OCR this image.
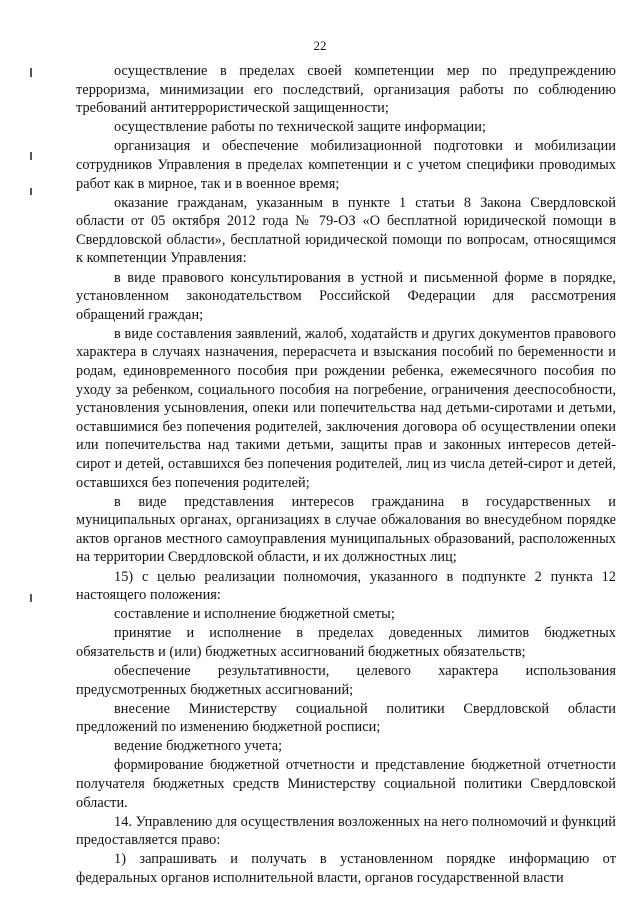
22

осуществление в пределах своей компетенции мер по предупреждению терроризма, минимизации его последствий, организация работы по соблюдению требований антитеррористической защищенности;

осуществление работы по технической защите информации;

организация и обеспечение мобилизационной подготовки и мобилизации сотрудников Управления в пределах компетенции и с учетом специфики проводимых работ как в мирное, так и в военное время;

оказание гражданам, указанным в пункте 1 статьи 8 Закона Свердловской области от 05 октября 2012 года № 79-ОЗ «О бесплатной юридической помощи в Свердловской области», бесплатной юридической помощи по вопросам, относящимся к компетенции Управления:

в виде правового консультирования в устной и письменной форме в порядке, установленном законодательством Российской Федерации для рассмотрения обращений граждан;

в виде составления заявлений, жалоб, ходатайств и других документов правового характера в случаях назначения, перерасчета и взыскания пособий по беременности и родам, единовременного пособия при рождении ребенка, ежемесячного пособия по уходу за ребенком, социального пособия на погребение, ограничения дееспособности, установления усыновления, опеки или попечительства над детьми-сиротами и детьми, оставшимися без попечения родителей, заключения договора об осуществлении опеки или попечительства над такими детьми, защиты прав и законных интересов детей-сирот и детей, оставшихся без попечения родителей, лиц из числа детей-сирот и детей, оставшихся без попечения родителей;

в виде представления интересов гражданина в государственных и муниципальных органах, организациях в случае обжалования во внесудебном порядке актов органов местного самоуправления муниципальных образований, расположенных на территории Свердловской области, и их должностных лиц;

15) с целью реализации полномочия, указанного в подпункте 2 пункта 12 настоящего положения:

составление и исполнение бюджетной сметы;

принятие и исполнение в пределах доведенных лимитов бюджетных обязательств и (или) бюджетных ассигнований бюджетных обязательств;

обеспечение результативности, целевого характера использования предусмотренных бюджетных ассигнований;

внесение Министерству социальной политики Свердловской области предложений по изменению бюджетной росписи;

ведение бюджетного учета;

формирование бюджетной отчетности и представление бюджетной отчетности получателя бюджетных средств Министерству социальной политики Свердловской области.

14. Управлению для осуществления возложенных на него полномочий и функций предоставляется право:

1) запрашивать и получать в установленном порядке информацию от федеральных органов исполнительной власти, органов государственной власти
